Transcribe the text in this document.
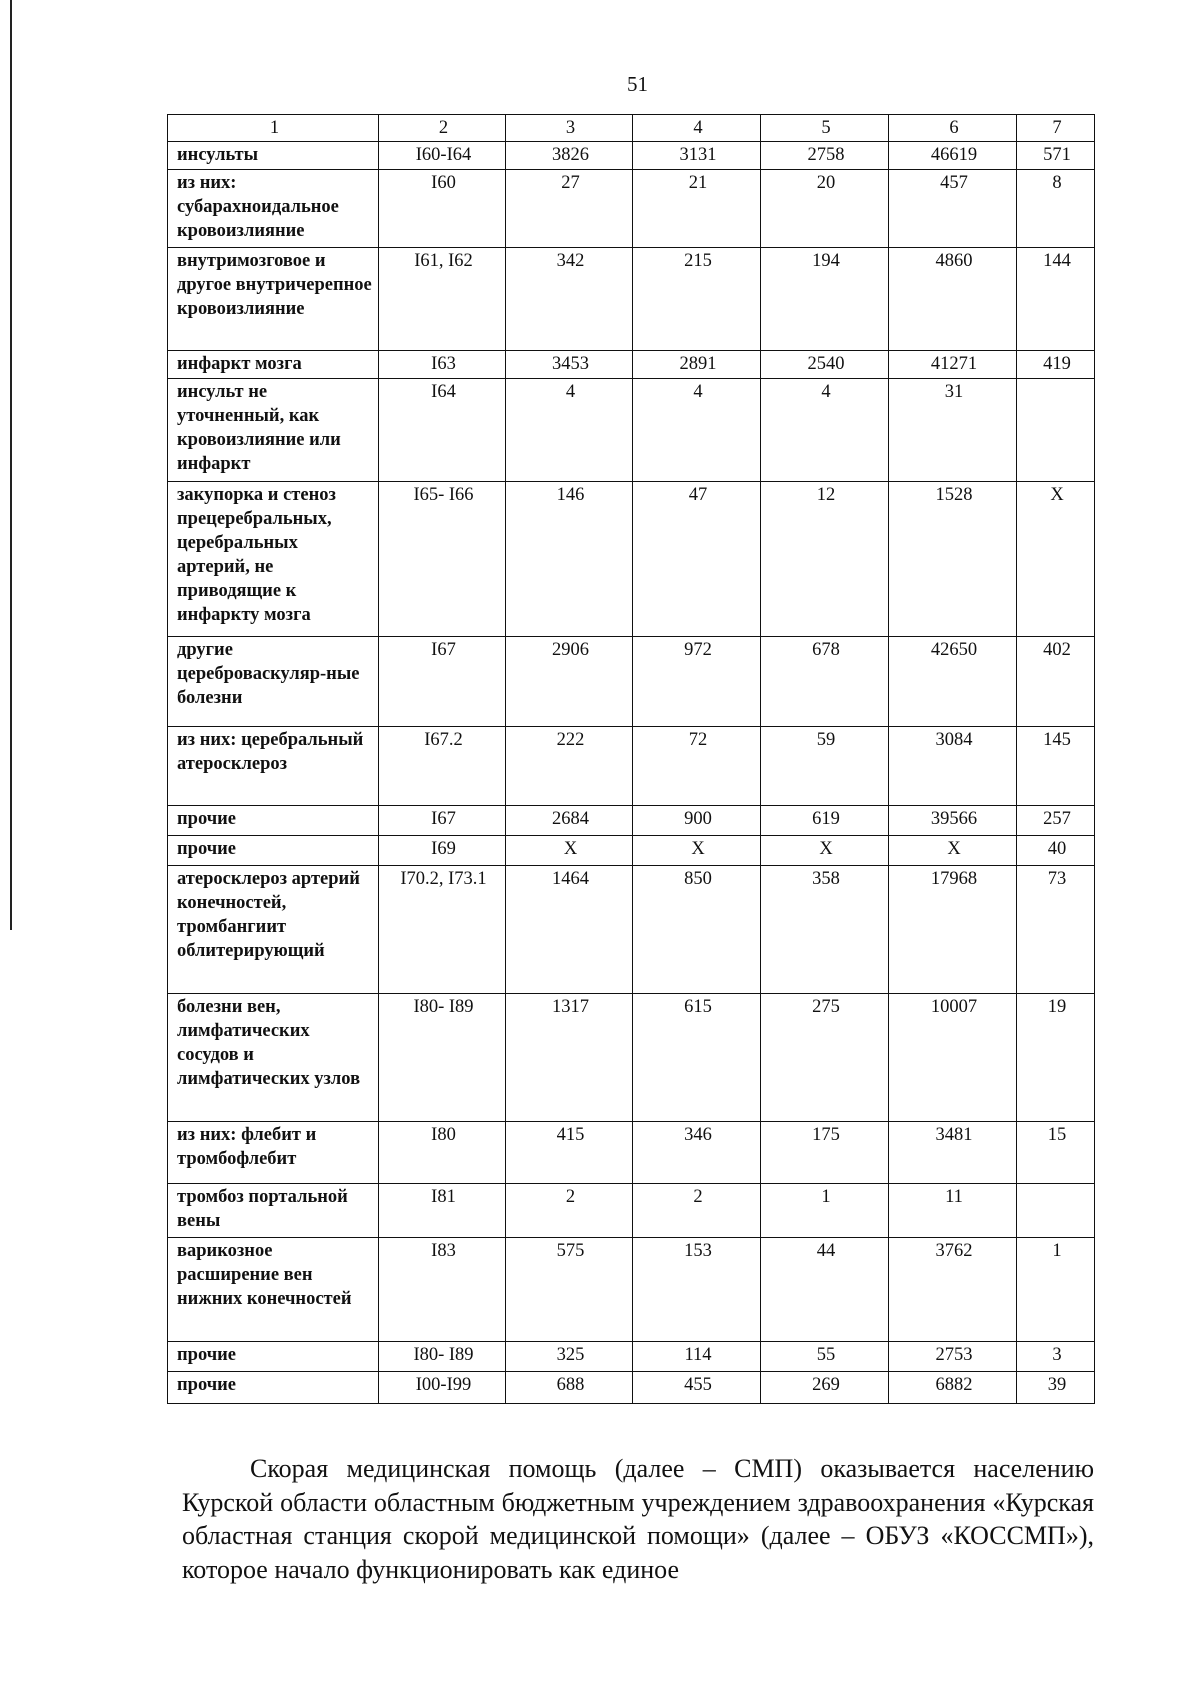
51
1	2	3	4	5	6	7
инсульты	I60-I64	3826	3131	2758	46619	571
из них: субарахноидальное кровоизлияние	I60	27	21	20	457	8
внутримозговое и другое внутричерепное кровоизлияние	I61, I62	342	215	194	4860	144
инфаркт мозга	I63	3453	2891	2540	41271	419
инсульт не уточненный, как кровоизлияние или инфаркт	I64	4	4	4	31	
закупорка и стеноз прецеребральных, церебральных артерий, не приводящие к инфаркту мозга	I65- I66	146	47	12	1528	X
другие цереброваскуляр-ные болезни	I67	2906	972	678	42650	402
из них: церебральный атеросклероз	I67.2	222	72	59	3084	145
прочие	I67	2684	900	619	39566	257
прочие	I69	X	X	X	X	40
атеросклероз артерий конечностей, тромбангиит облитерирующий	I70.2, I73.1	1464	850	358	17968	73
болезни вен, лимфатических сосудов и лимфатических узлов	I80- I89	1317	615	275	10007	19
из них: флебит и тромбофлебит	I80	415	346	175	3481	15
тромбоз портальной вены	I81	2	2	1	11	
варикозное расширение вен нижних конечностей	I83	575	153	44	3762	1
прочие	I80- I89	325	114	55	2753	3
прочие	I00-I99	688	455	269	6882	39
Скорая медицинская помощь (далее – СМП) оказывается населению Курской области областным бюджетным учреждением здравоохранения «Курская областная станция скорой медицинской помощи» (далее – ОБУЗ «КОССМП»), которое начало функционировать как единое
